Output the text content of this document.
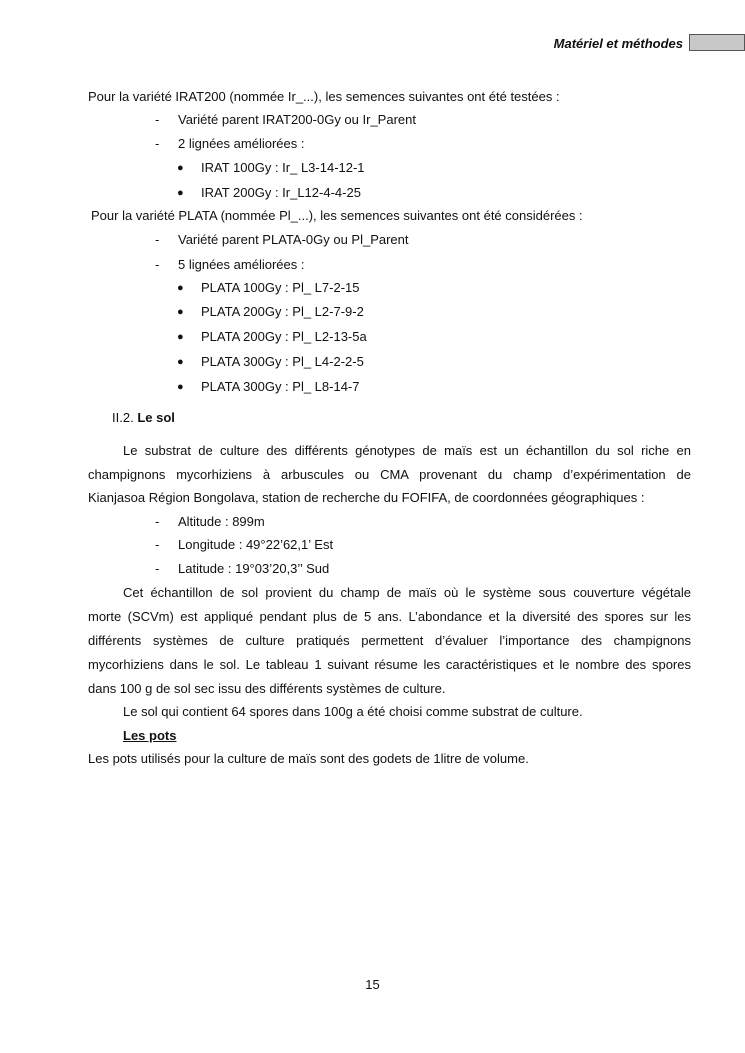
Matériel et méthodes
Pour la variété IRAT200 (nommée Ir_...), les semences suivantes ont été testées :
- Variété parent IRAT200-0Gy ou Ir_Parent
- 2 lignées améliorées :
● IRAT 100Gy : Ir_ L3-14-12-1
● IRAT 200Gy : Ir_L12-4-4-25
Pour la variété PLATA (nommée Pl_...), les semences suivantes ont été considérées :
- Variété parent PLATA-0Gy ou Pl_Parent
- 5 lignées améliorées :
● PLATA 100Gy : Pl_ L7-2-15
● PLATA 200Gy : Pl_ L2-7-9-2
● PLATA 200Gy : Pl_ L2-13-5a
● PLATA 300Gy : Pl_ L4-2-2-5
● PLATA 300Gy : Pl_ L8-14-7
II.2. Le sol
Le substrat de culture des différents génotypes de maïs est un échantillon du sol riche en
champignons mycorhiziens à arbuscules ou CMA provenant du champ d’expérimentation de
Kianjasoa Région Bongolava, station de recherche du FOFIFA, de coordonnées géographiques :
- Altitude : 899m
- Longitude : 49°22’62,1’ Est
- Latitude : 19°03’20,3’’ Sud
Cet échantillon de sol provient du champ de maïs où le système sous couverture végétale
morte (SCVm) est appliqué pendant plus de 5 ans. L’abondance et la diversité des spores sur les
différents systèmes de culture pratiqués permettent d’évaluer l’importance des champignons
mycorhiziens dans le sol. Le tableau 1 suivant résume les caractéristiques et le nombre des spores
dans 100 g de sol sec issu des différents systèmes de culture.
Le sol qui contient 64 spores dans 100g a été choisi comme substrat de culture.
Les pots
Les pots utilisés pour la culture de maïs sont des godets de 1litre de volume.
15
